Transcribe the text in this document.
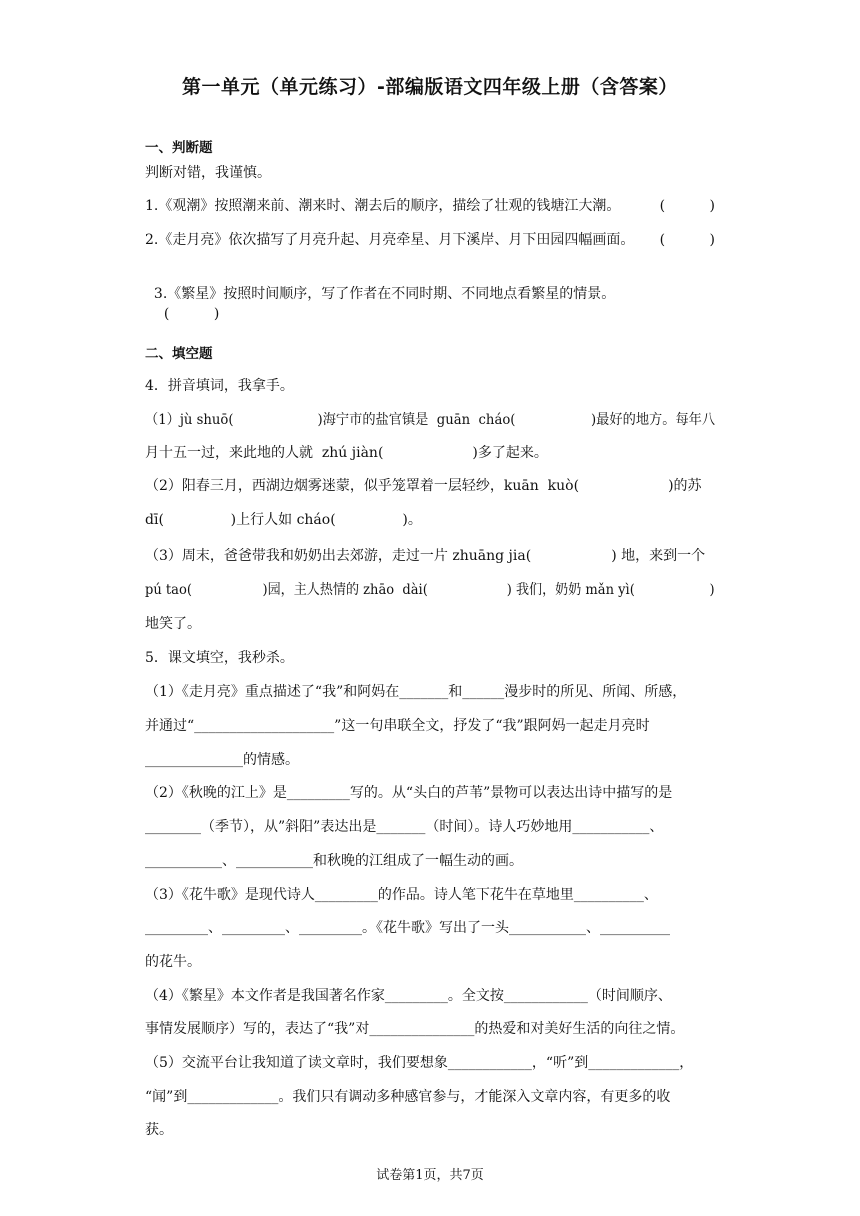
第一单元（单元练习）-部编版语文四年级上册（含答案）
一、判断题
判断对错，我谨慎。
1.《观潮》按照潮来前、潮来时、潮去后的顺序，描绘了壮观的钱塘江大潮。	(          )
2.《走月亮》依次描写了月亮升起、月亮牵星、月下溪岸、月下田园四幅画面。 (          )

3.《繁星》按照时间顺序，写了作者在不同时期、不同地点看繁星的情景。
(          )

二、填空题
4．拼音填词，我拿手。
（1）jù shuō(                    )海宁市的盐官镇是  guān  cháo(                  )最好的地方。每年八
月十五一过，来此地的人就  zhú jiàn(                    )多了起来。
（2）阳春三月，西湖边烟雾迷蒙，似乎笼罩着一层轻纱，kuān  kuò(                    )的苏
dī(               )上行人如 cháo(               )。
（3）周末，爸爸带我和奶奶出去郊游，走过一片 zhuāng jia(                  ) 地，来到一个
pú tao(                 )园，主人热情的 zhāo  dài(                   ) 我们，奶奶 mǎn yì(                  )
地笑了。
5．课文填空，我秒杀。
（1）《走月亮》重点描述了“我”和阿妈在_______和______漫步时的所见、所闻、所感，
并通过“____________________”这一句串联全文，抒发了“我”跟阿妈一起走月亮时
______________的情感。
（2）《秋晚的江上》是_________写的。从“头白的芦苇”景物可以表达出诗中描写的是
________（季节），从”斜阳”表达出是_______（时间）。诗人巧妙地用___________、
___________、___________和秋晚的江组成了一幅生动的画。
（3）《花牛歌》是现代诗人_________的作品。诗人笔下花牛在草地里__________、
_________、_________、_________。《花牛歌》写出了一头___________、__________
的花牛。
（4）《繁星》本文作者是我国著名作家_________。全文按____________（时间顺序、
事情发展顺序）写的，表达了“我”对_______________的热爱和对美好生活的向往之情。
（5）交流平台让我知道了读文章时，我们要想象____________，“听”到_____________，
“闻”到_____________。我们只有调动多种感官参与，才能深入文章内容，有更多的收
获。
试卷第1页，共7页
